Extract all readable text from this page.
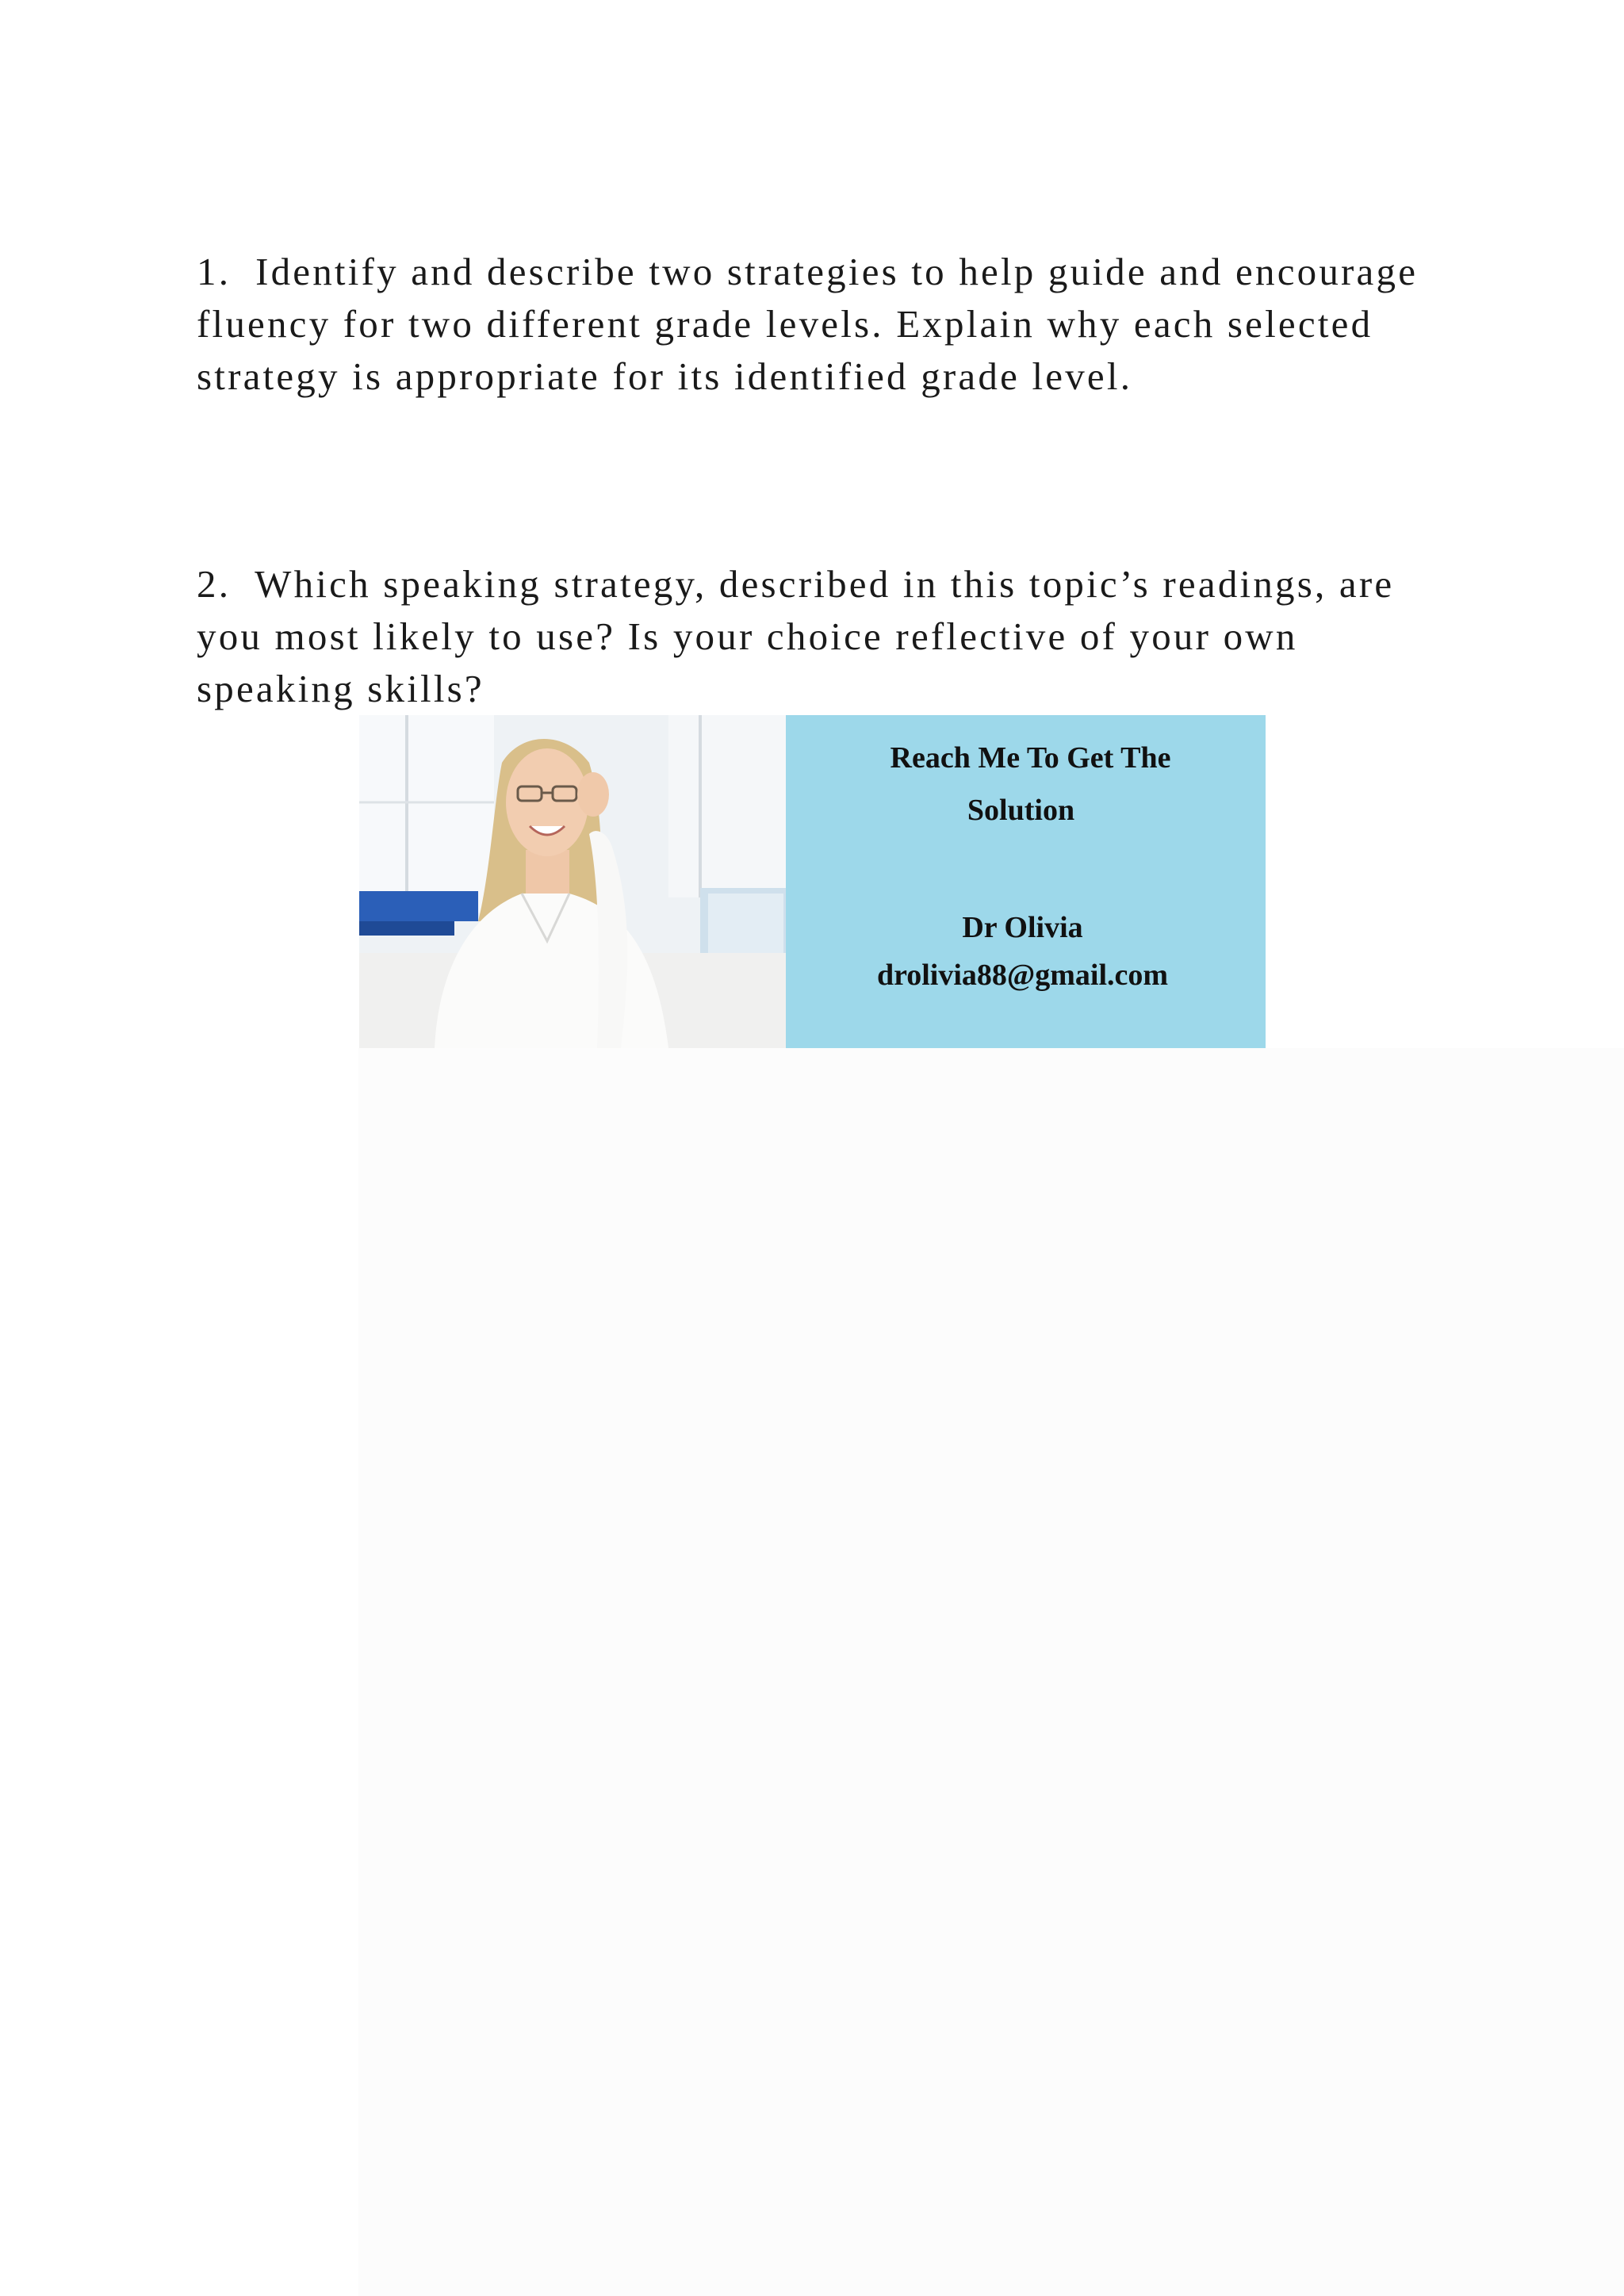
1. Identify and describe two strategies to help guide and encourage fluency for two different grade levels. Explain why each selected strategy is appropriate for its identified grade level.

2. Which speaking strategy, described in this topic’s readings, are you most likely to use? Is your choice reflective of your own speaking skills?

Reach Me To Get The
Solution
Dr Olivia
drolivia88@gmail.com
